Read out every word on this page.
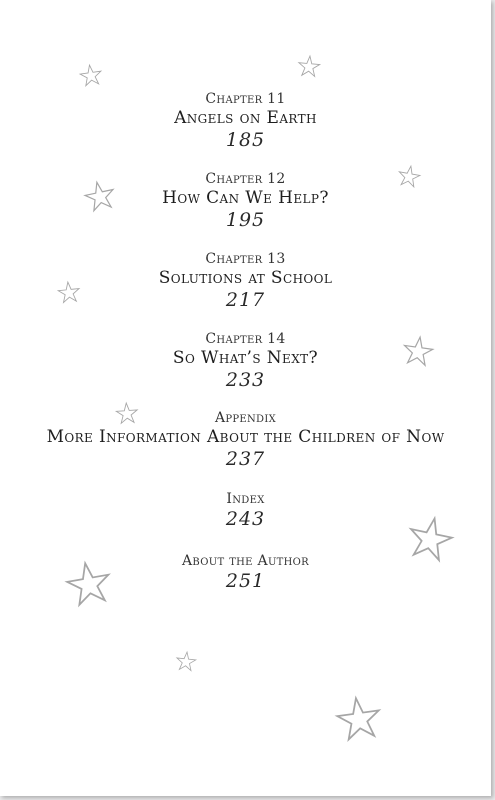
Chapter 11
Angels on Earth
185
Chapter 12
How Can We Help?
195
Chapter 13
Solutions at School
217
Chapter 14
So What’s Next?
233
Appendix
More Information About the Children of Now
237
Index
243
About the Author
251
